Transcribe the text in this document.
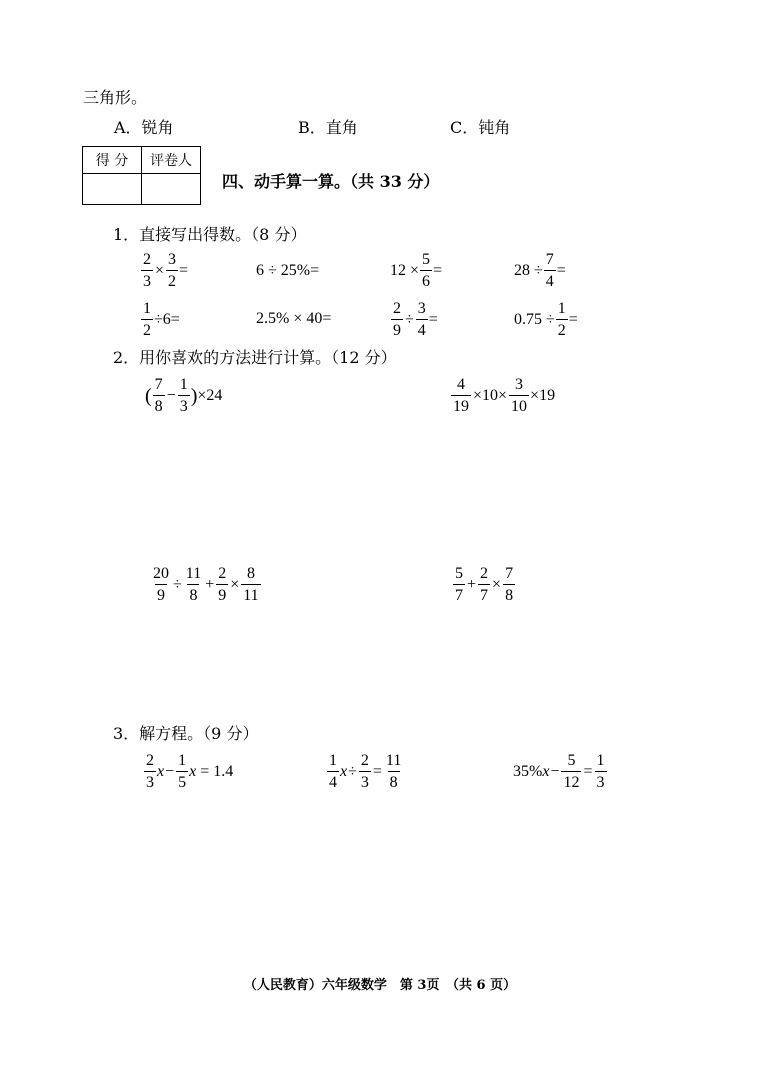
三角形。
A．锐角	B．直角	C．钝角
得 分	评卷人

四、动手算一算。（共 33 分）
1．直接写出得数。（8 分）
$\frac{2}{3} \times \frac{3}{2}$ =	6 ÷ 25%=	$12 \times \frac{5}{6}$ =	$28 \div \frac{7}{4}$ =
$\frac{1}{2} \div 6=$	2.5% × 40=	$\frac{2}{9} \div \frac{3}{4}$ =	$0.75 \div \frac{1}{2}$ =
2．用你喜欢的方法进行计算。（12 分）
( $\frac{7}{8} - \frac{1}{3}$ ) ×24	$\frac{4}{19} \times 10\times \frac{3}{10} \times 19$
$\frac{20}{9} \div \frac{11}{8} + \frac{2}{9} \times \frac{8}{11}$	$\frac{5}{7} + \frac{2}{7} \times \frac{7}{8}$
3．解方程。（9 分）
$\frac{2}{3}$ $x - \frac{1}{5}$ x = 1.4	$\frac{1}{4}$ $x \div \frac{2}{3} = \frac{11}{8}$	35% $x - \frac{5}{12} = \frac{1}{3}$
（人民教育）六年级数学　第 3页　（共 6 页）
